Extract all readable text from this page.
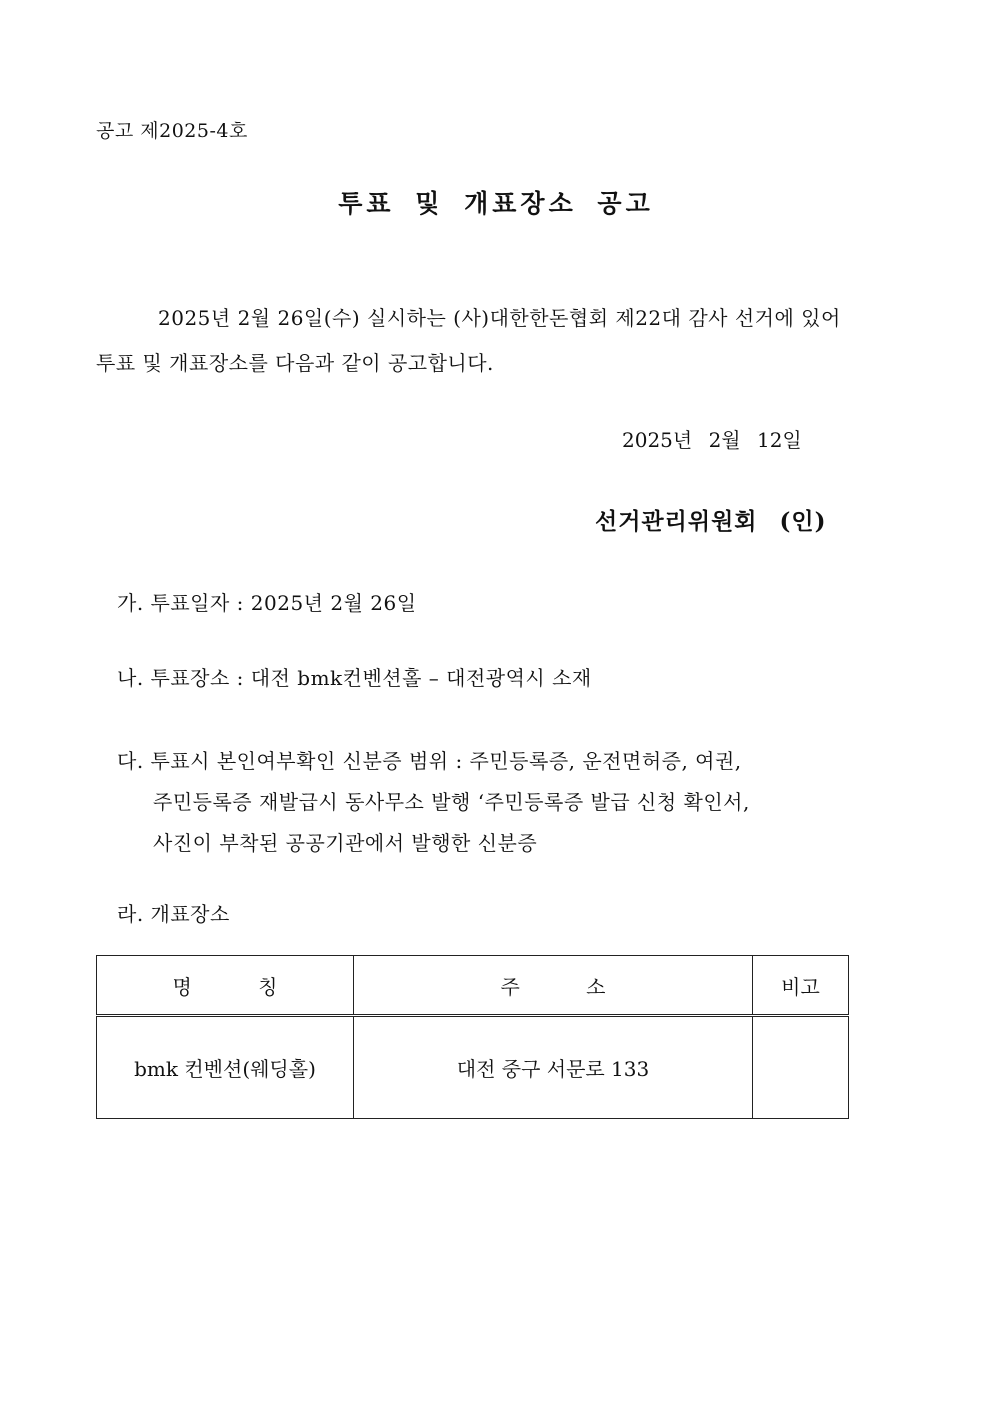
공고 제2025-4호
투표 및 개표장소 공고
2025년 2월 26일(수) 실시하는 (사)대한한돈협회 제22대 감사 선거에 있어
투표 및 개표장소를 다음과 같이 공고합니다.
2025년 2월 12일
선거관리위원회 (인)
가. 투표일자 : 2025년 2월 26일
나. 투표장소 : 대전 bmk컨벤션홀 – 대전광역시 소재
다. 투표시 본인여부확인 신분증 범위 : 주민등록증, 운전면허증, 여권,
주민등록증 재발급시 동사무소 발행 ‘주민등록증 발급 신청 확인서,
사진이 부착된 공공기관에서 발행한 신분증
라. 개표장소
명 칭	주 소	비고
bmk 컨벤션(웨딩홀)	대전 중구 서문로 133	
